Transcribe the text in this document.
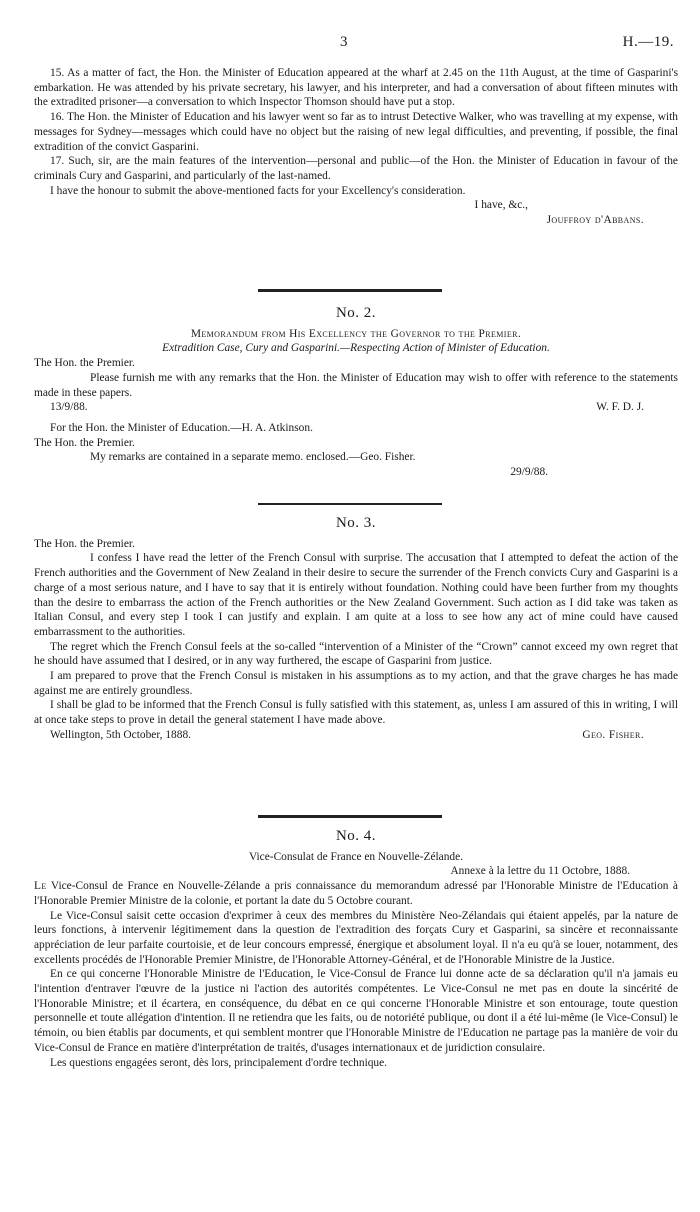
3	H.—19.

15. As a matter of fact, the Hon. the Minister of Education appeared at the wharf at 2.45 on the 11th August, at the time of Gasparini's embarkation. He was attended by his private secretary, his lawyer, and his interpreter, and had a conversation of about fifteen minutes with the extradited prisoner—a conversation to which Inspector Thomson should have put a stop.

16. The Hon. the Minister of Education and his lawyer went so far as to intrust Detective Walker, who was travelling at my expense, with messages for Sydney—messages which could have no object but the raising of new legal difficulties, and preventing, if possible, the final extradition of the convict Gasparini.

17. Such, sir, are the main features of the intervention—personal and public—of the Hon. the Minister of Education in favour of the criminals Cury and Gasparini, and particularly of the last-named.

I have the honour to submit the above-mentioned facts for your Excellency's consideration.

I have, &c.,

Jouffroy d'Abbans.

No. 2.

Memorandum from His Excellency the Governor to the Premier.

Extradition Case, Cury and Gasparini.—Respecting Action of Minister of Education.

The Hon. the Premier.

Please furnish me with any remarks that the Hon. the Minister of Education may wish to offer with reference to the statements made in these papers.

13/9/88.	W. F. D. J.

For the Hon. the Minister of Education.—H. A. Atkinson.

The Hon. the Premier.

My remarks are contained in a separate memo. enclosed.—Geo. Fisher.

29/9/88.

No. 3.

The Hon. the Premier.

I confess I have read the letter of the French Consul with surprise. The accusation that I attempted to defeat the action of the French authorities and the Government of New Zealand in their desire to secure the surrender of the French convicts Cury and Gasparini is a charge of a most serious nature, and I have to say that it is entirely without foundation. Nothing could have been further from my thoughts than the desire to embarrass the action of the French authorities or the New Zealand Government. Such action as I did take was taken as Italian Consul, and every step I took I can justify and explain. I am quite at a loss to see how any act of mine could have caused embarrassment to the authorities.

The regret which the French Consul feels at the so-called “intervention of a Minister of the “Crown” cannot exceed my own regret that he should have assumed that I desired, or in any way furthered, the escape of Gasparini from justice.

I am prepared to prove that the French Consul is mistaken in his assumptions as to my action, and that the grave charges he has made against me are entirely groundless.

I shall be glad to be informed that the French Consul is fully satisfied with this statement, as, unless I am assured of this in writing, I will at once take steps to prove in detail the general statement I have made above.

Wellington, 5th October, 1888.	Geo. Fisher.
No. 4.

Vice-Consulat de France en Nouvelle-Zélande.

Annexe à la lettre du 11 Octobre, 1888.

Le Vice-Consul de France en Nouvelle-Zélande a pris connaissance du memorandum adressé par l'Honorable Ministre de l'Education à l'Honorable Premier Ministre de la colonie, et portant la date du 5 Octobre courant.

Le Vice-Consul saisit cette occasion d'exprimer à ceux des membres du Ministère Neo-Zélandais qui étaient appelés, par la nature de leurs fonctions, à intervenir légitimement dans la question de l'extradition des forçats Cury et Gasparini, sa sincère et reconnaissante appréciation de leur parfaite courtoisie, et de leur concours empressé, énergique et absolument loyal. Il n'a eu qu'à se louer, notamment, des excellents procédés de l'Honorable Premier Ministre, de l'Honorable Attorney-Général, et de l'Honorable Ministre de la Justice.

En ce qui concerne l'Honorable Ministre de l'Education, le Vice-Consul de France lui donne acte de sa déclaration qu'il n'a jamais eu l'intention d'entraver l'œuvre de la justice ni l'action des autorités compétentes. Le Vice-Consul ne met pas en doute la sincérité de l'Honorable Ministre; et il écartera, en conséquence, du débat en ce qui concerne l'Honorable Ministre et son entourage, toute question personnelle et toute allégation d'intention. Il ne retiendra que les faits, ou de notoriété publique, ou dont il a été lui-même (le Vice-Consul) le témoin, ou bien établis par documents, et qui semblent montrer que l'Honorable Ministre de l'Education ne partage pas la manière de voir du Vice-Consul de France en matière d'interprétation de traités, d'usages internationaux et de juridiction consulaire.

Les questions engagées seront, dès lors, principalement d'ordre technique.
